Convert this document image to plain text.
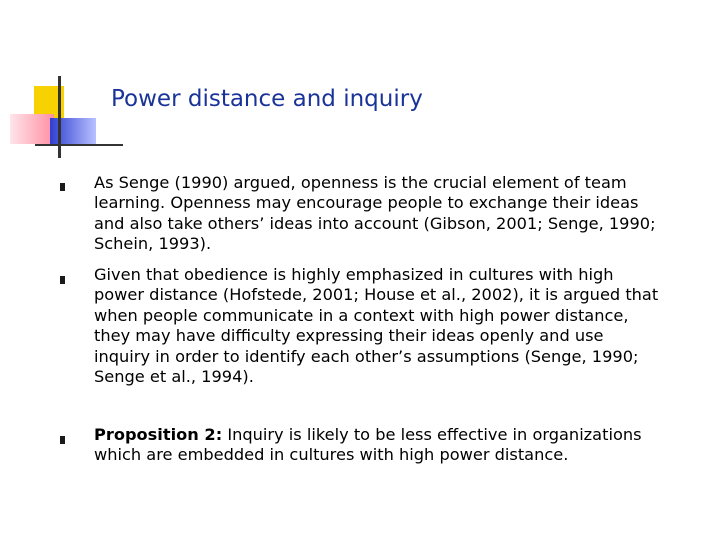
Power distance and inquiry

As Senge (1990) argued, openness is the crucial element of team learning. Openness may encourage people to exchange their ideas and also take others’ ideas into account (Gibson, 2001; Senge, 1990; Schein, 1993).

Given that obedience is highly emphasized in cultures with high power distance (Hofstede, 2001; House et al., 2002), it is argued that when people communicate in a context with high power distance, they may have difficulty expressing their ideas openly and use inquiry in order to identify each other’s assumptions (Senge, 1990; Senge et al., 1994).

Proposition 2: Inquiry is likely to be less effective in organizations which are embedded in cultures with high power distance.
